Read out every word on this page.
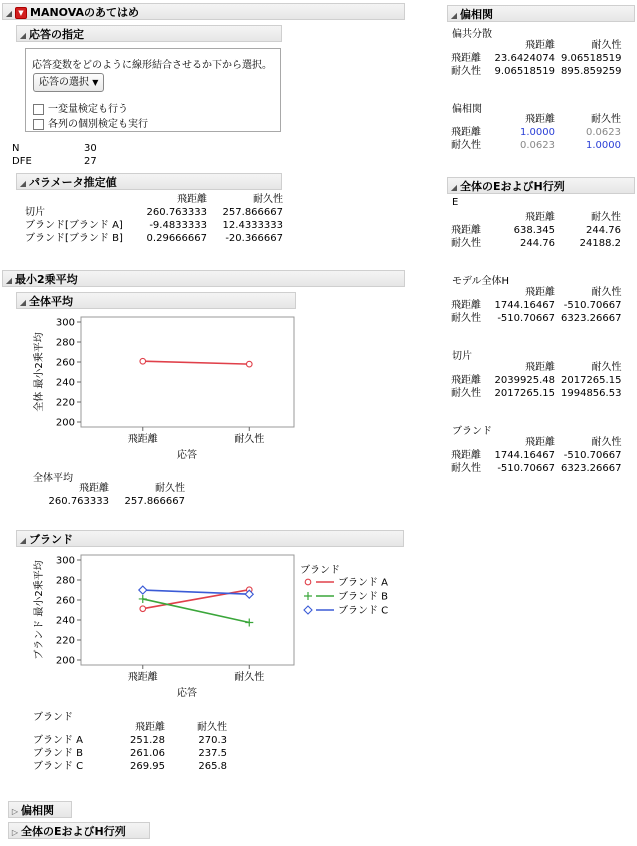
◢ ▼ MANOVAのあてはめ
◢ 応答の指定
応答変数をどのように線形結合させるか下から選択。
応答の選択 ▼
一変量検定も行う
各列の個別検定も実行
N	30
DFE	27
◢ パラメータ推定値
	飛距離	耐久性
切片	260.763333	257.866667
ブランド[ブランド A]	-9.4833333	12.4333333
ブランド[ブランド B]	0.29666667	-20.366667
◢ 最小2乗平均
◢ 全体平均
全体 最小2乗平均
200
220
240
260
280
300
飛距離	耐久性
応答
全体平均
飛距離	耐久性
260.763333	257.866667
◢ ブランド
ブランド 最小2乗平均
200
220
240
260
280
300
飛距離	耐久性
応答
ブランド
ブランド A
ブランド B
ブランド C
ブランド
	飛距離	耐久性
ブランド A	251.28	270.3
ブランド B	261.06	237.5
ブランド C	269.95	265.8
▷ 偏相関
▷ 全体のEおよびH行列
◢ 偏相関
偏共分散
	飛距離	耐久性
飛距離	23.6424074	9.06518519
耐久性	9.06518519	895.859259
偏相関
	飛距離	耐久性
飛距離	1.0000	0.0623
耐久性	0.0623	1.0000
◢ 全体のEおよびH行列
E
	飛距離	耐久性
飛距離	638.345	244.76
耐久性	244.76	24188.2
モデル全体H
	飛距離	耐久性
飛距離	1744.16467	-510.70667
耐久性	-510.70667	6323.26667
切片
	飛距離	耐久性
飛距離	2039925.48	2017265.15
耐久性	2017265.15	1994856.53
ブランド
	飛距離	耐久性
飛距離	1744.16467	-510.70667
耐久性	-510.70667	6323.26667
